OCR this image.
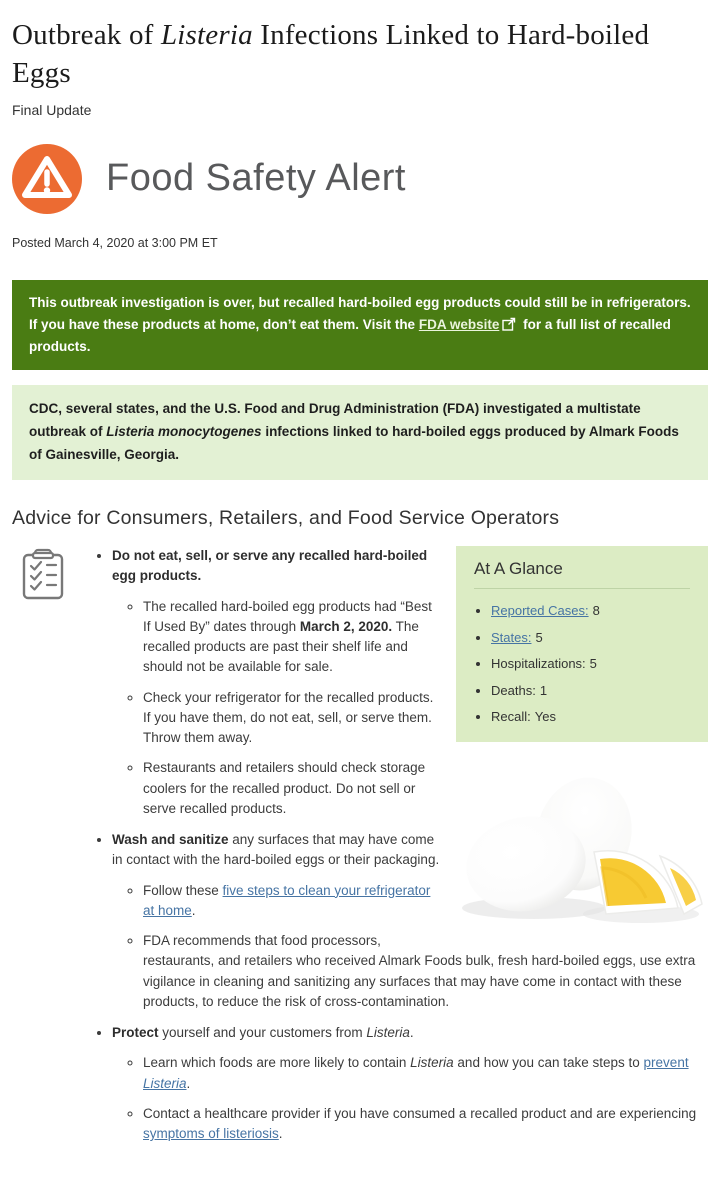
Outbreak of Listeria Infections Linked to Hard-boiled Eggs
Final Update
Food Safety Alert
Posted March 4, 2020 at 3:00 PM ET
This outbreak investigation is over, but recalled hard-boiled egg products could still be in refrigerators. If you have these products at home, don’t eat them. Visit the FDA website for a full list of recalled products.
CDC, several states, and the U.S. Food and Drug Administration (FDA) investigated a multistate outbreak of Listeria monocytogenes infections linked to hard-boiled eggs produced by Almark Foods of Gainesville, Georgia.
Advice for Consumers, Retailers, and Food Service Operators
At A Glance
• Reported Cases: 8
• States: 5
• Hospitalizations: 5
• Deaths: 1
• Recall: Yes
• Do not eat, sell, or serve any recalled hard-boiled egg products.
◦ The recalled hard-boiled egg products had “Best If Used By” dates through March 2, 2020. The recalled products are past their shelf life and should not be available for sale.
◦ Check your refrigerator for the recalled products. If you have them, do not eat, sell, or serve them. Throw them away.
◦ Restaurants and retailers should check storage coolers for the recalled product. Do not sell or serve recalled products.
• Wash and sanitize any surfaces that may have come in contact with the hard-boiled eggs or their packaging.
◦ Follow these five steps to clean your refrigerator at home.
◦ FDA recommends that food processors, restaurants, and retailers who received Almark Foods bulk, fresh hard-boiled eggs, use extra vigilance in cleaning and sanitizing any surfaces that may have come in contact with these products, to reduce the risk of cross-contamination.
• Protect yourself and your customers from Listeria.
◦ Learn which foods are more likely to contain Listeria and how you can take steps to prevent Listeria.
◦ Contact a healthcare provider if you have consumed a recalled product and are experiencing symptoms of listeriosis.
